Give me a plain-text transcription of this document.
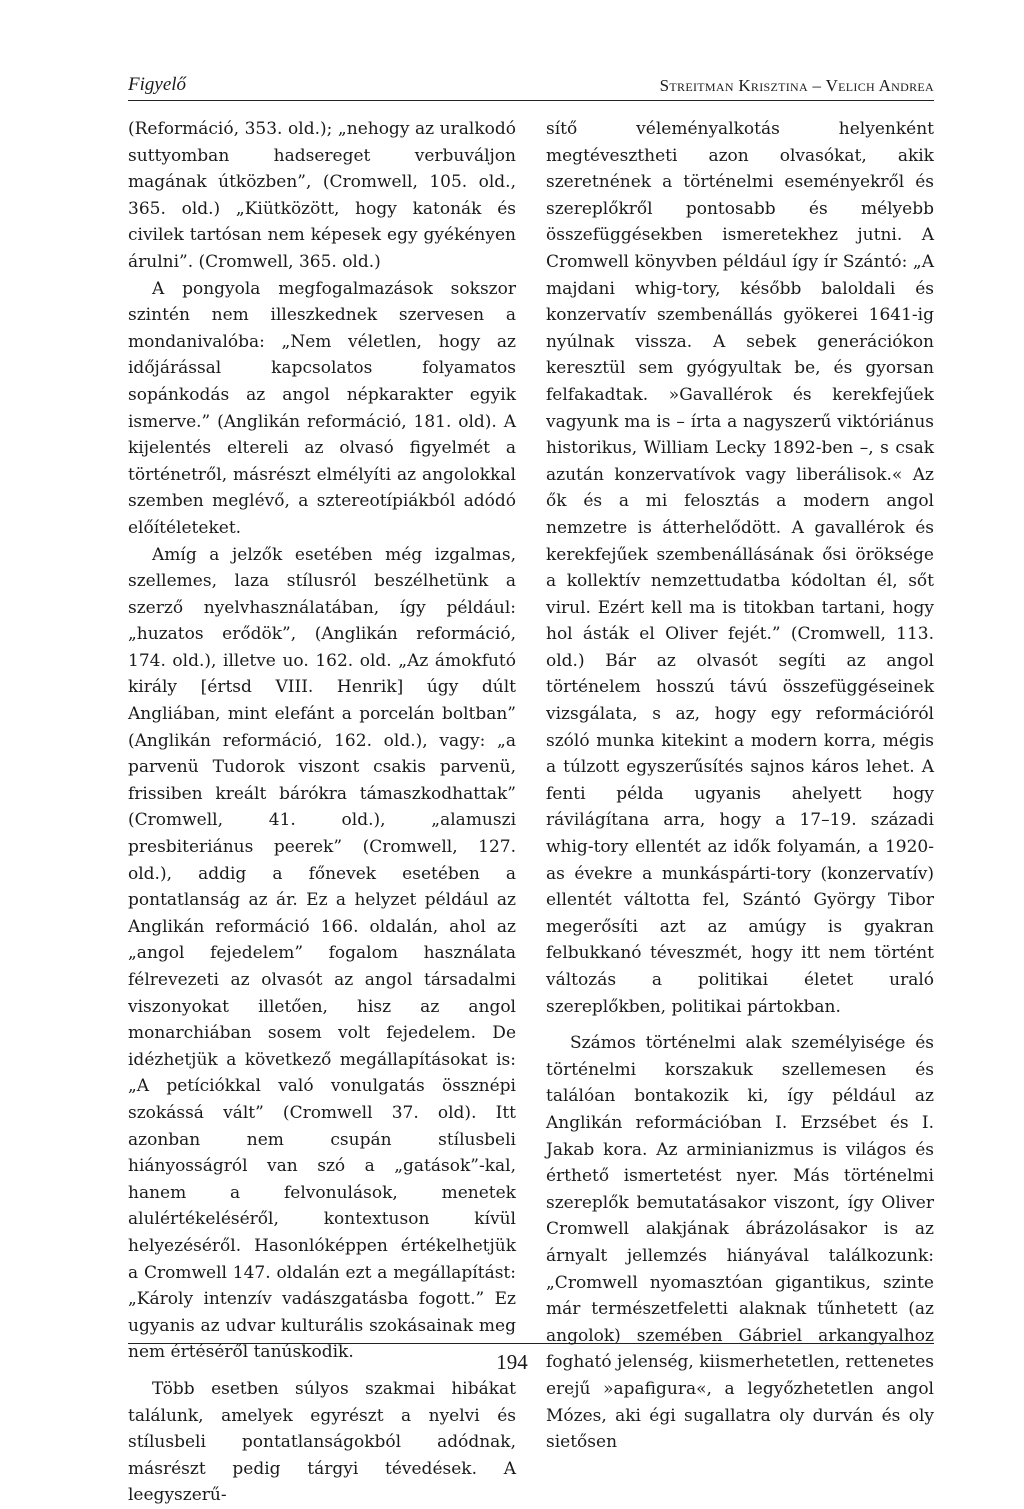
Figyelő	Streitman Krisztina – Velich Andrea

(Reformáció, 353. old.); „nehogy az uralkodó suttyomban hadsereget verbuváljon magának útközben”, (Cromwell, 105. old., 365. old.) „Kiütközött, hogy katonák és civilek tartósan nem képesek egy gyékényen árulni”. (Cromwell, 365. old.)

A pongyola megfogalmazások sokszor szintén nem illeszkednek szervesen a mondanivalóba: „Nem véletlen, hogy az időjárással kapcsolatos folyamatos sopánkodás az angol népkarakter egyik ismerve.” (Anglikán reformáció, 181. old). A kijelentés eltereli az olvasó figyelmét a történetről, másrészt elmélyíti az angolokkal szemben meglévő, a sztereotípiákból adódó előítéleteket.

Amíg a jelzők esetében még izgalmas, szellemes, laza stílusról beszélhetünk a szerző nyelvhasználatában, így például: „huzatos erődök”, (Anglikán reformáció, 174. old.), illetve uo. 162. old. „Az ámokfutó király [értsd VIII. Henrik] úgy dúlt Angliában, mint elefánt a porcelán boltban” (Anglikán reformáció, 162. old.), vagy: „a parvenü Tudorok viszont csakis parvenü, frissiben kreált bárókra támaszkodhattak” (Cromwell, 41. old.), „alamuszi presbiteriánus peerek” (Cromwell, 127. old.), addig a főnevek esetében a pontatlanság az ár. Ez a helyzet például az Anglikán reformáció 166. oldalán, ahol az „angol fejedelem” fogalom használata félrevezeti az olvasót az angol társadalmi viszonyokat illetően, hisz az angol monarchiában sosem volt fejedelem. De idézhetjük a következő megállapításokat is: „A petíciókkal való vonulgatás össznépi szokássá vált” (Cromwell 37. old). Itt azonban nem csupán stílusbeli hiányosságról van szó a „gatások”-kal, hanem a felvonulások, menetek alulértékeléséről, kontextuson kívül helyezéséről. Hasonlóképpen értékelhetjük a Cromwell 147. oldalán ezt a megállapítást: „Károly intenzív vadászgatásba fogott.” Ez ugyanis az udvar kulturális szokásainak meg nem értéséről tanúskodik.

Több esetben súlyos szakmai hibákat találunk, amelyek egyrészt a nyelvi és stílusbeli pontatlanságokból adódnak, másrészt pedig tárgyi tévedések. A leegyszerű-

sítő véleményalkotás helyenként megtévesztheti azon olvasókat, akik szeretnének a történelmi eseményekről és szereplőkről pontosabb és mélyebb összefüggésekben ismeretekhez jutni. A Cromwell könyvben például így ír Szántó: „A majdani whig-tory, később baloldali és konzervatív szembenállás gyökerei 1641-ig nyúlnak vissza. A sebek generációkon keresztül sem gyógyultak be, és gyorsan felfakadtak. »Gavallérok és kerekfejűek vagyunk ma is – írta a nagyszerű viktóriánus historikus, William Lecky 1892-ben –, s csak azután konzervatívok vagy liberálisok.« Az ők és a mi felosztás a modern angol nemzetre is átterhelődött. A gavallérok és kerekfejűek szembenállásának ősi öröksége a kollektív nemzettudatba kódoltan él, sőt virul. Ezért kell ma is titokban tartani, hogy hol ásták el Oliver fejét.” (Cromwell, 113. old.) Bár az olvasót segíti az angol történelem hosszú távú összefüggéseinek vizsgálata, s az, hogy egy reformációról szóló munka kitekint a modern korra, mégis a túlzott egyszerűsítés sajnos káros lehet. A fenti példa ugyanis ahelyett hogy rávilágítana arra, hogy a 17–19. századi whig-tory ellentét az idők folyamán, a 1920-as évekre a munkáspárti-tory (konzervatív) ellentét váltotta fel, Szántó György Tibor megerősíti azt az amúgy is gyakran felbukkanó téveszmét, hogy itt nem történt változás a politikai életet uraló szereplőkben, politikai pártokban.

Számos történelmi alak személyisége és történelmi korszakuk szellemesen és találóan bontakozik ki, így például az Anglikán reformációban I. Erzsébet és I. Jakab kora. Az arminianizmus is világos és érthető ismertetést nyer. Más történelmi szereplők bemutatásakor viszont, így Oliver Cromwell alakjának ábrázolásakor is az árnyalt jellemzés hiányával találkozunk: „Cromwell nyomasztóan gigantikus, szinte már természetfeletti alaknak tűnhetett (az angolok) szemében Gábriel arkangyalhoz fogható jelenség, kiismerhetetlen, rettenetes erejű »apafigura«, a legyőzhetetlen angol Mózes, aki égi sugallatra oly durván és oly sietősen

194
